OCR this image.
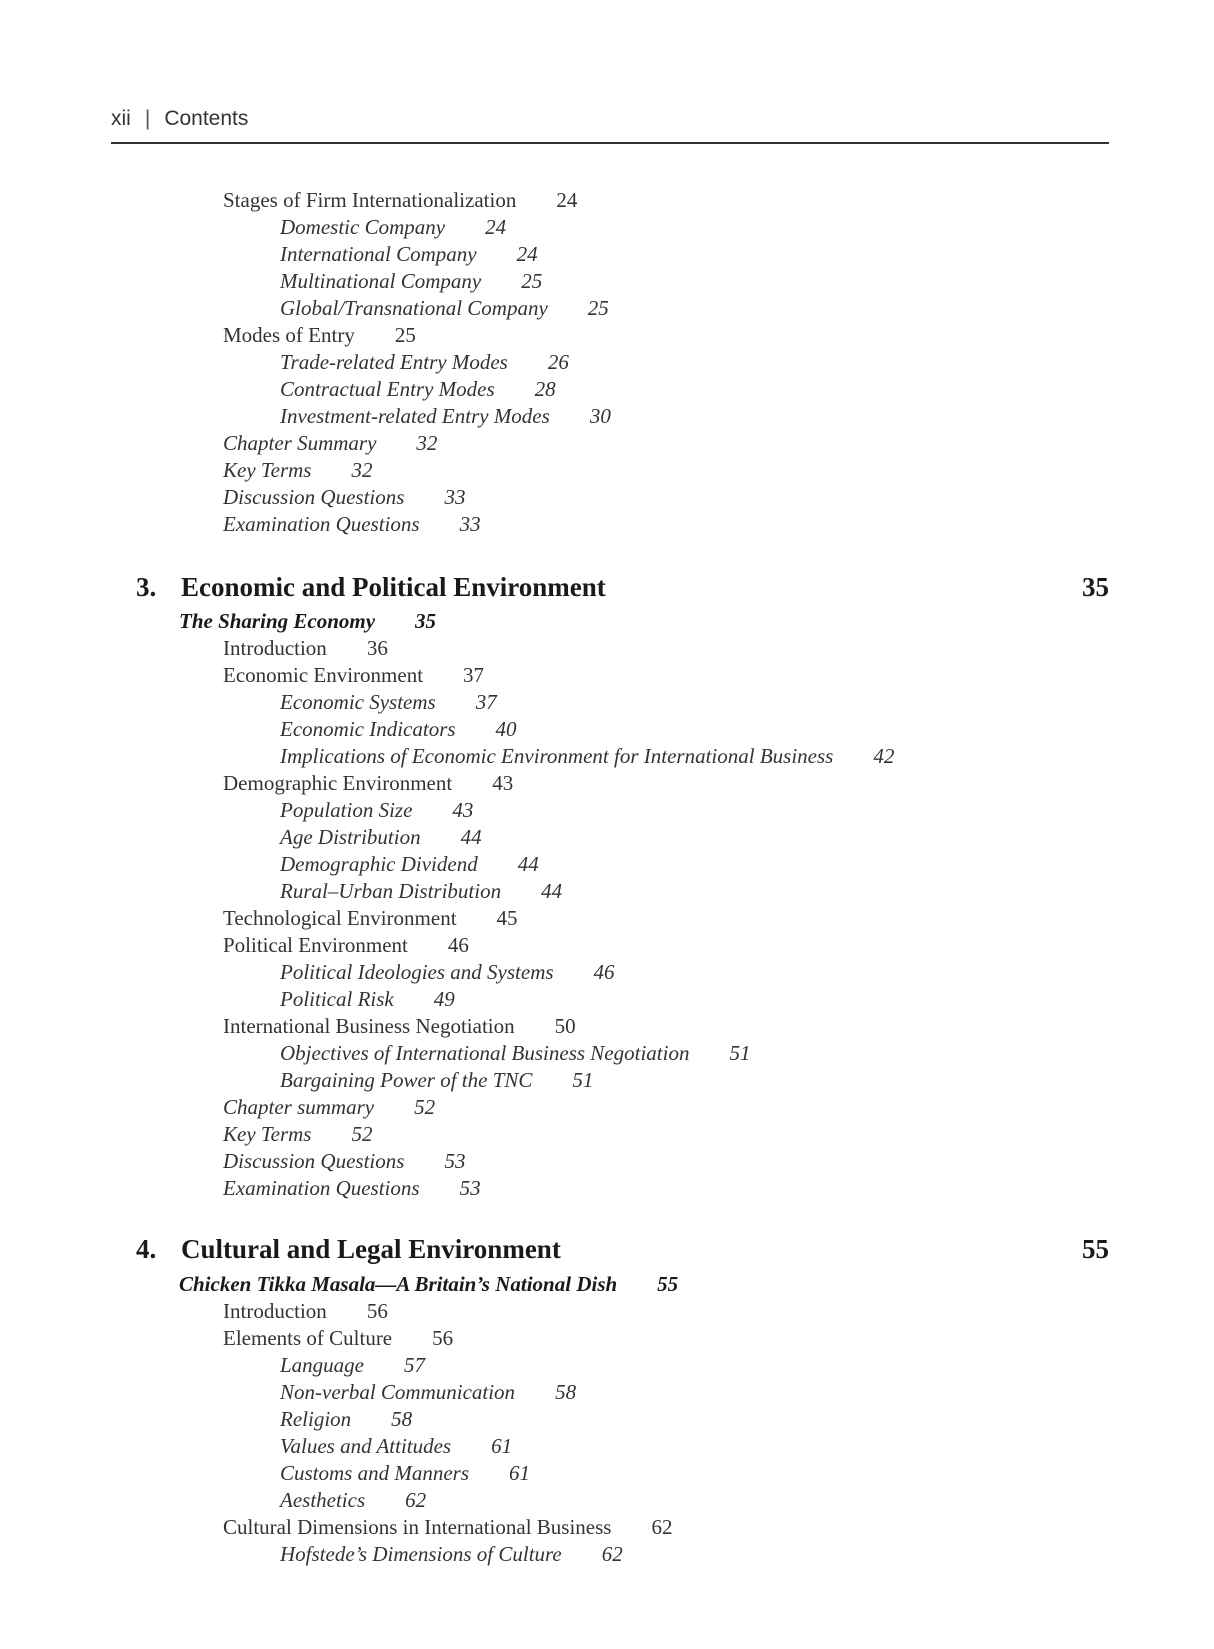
xii | Contents
Stages of Firm Internationalization 24
Domestic Company 24
International Company 24
Multinational Company 25
Global/Transnational Company 25
Modes of Entry 25
Trade-related Entry Modes 26
Contractual Entry Modes 28
Investment-related Entry Modes 30
Chapter Summary 32
Key Terms 32
Discussion Questions 33
Examination Questions 33
3. Economic and Political Environment	35
The Sharing Economy 35
Introduction 36
Economic Environment 37
Economic Systems 37
Economic Indicators 40
Implications of Economic Environment for International Business 42
Demographic Environment 43
Population Size 43
Age Distribution 44
Demographic Dividend 44
Rural–Urban Distribution 44
Technological Environment 45
Political Environment 46
Political Ideologies and Systems 46
Political Risk 49
International Business Negotiation 50
Objectives of International Business Negotiation 51
Bargaining Power of the TNC 51
Chapter summary 52
Key Terms 52
Discussion Questions 53
Examination Questions 53
4. Cultural and Legal Environment	55
Chicken Tikka Masala—A Britain’s National Dish 55
Introduction 56
Elements of Culture 56
Language 57
Non-verbal Communication 58
Religion 58
Values and Attitudes 61
Customs and Manners 61
Aesthetics 62
Cultural Dimensions in International Business 62
Hofstede’s Dimensions of Culture 62
